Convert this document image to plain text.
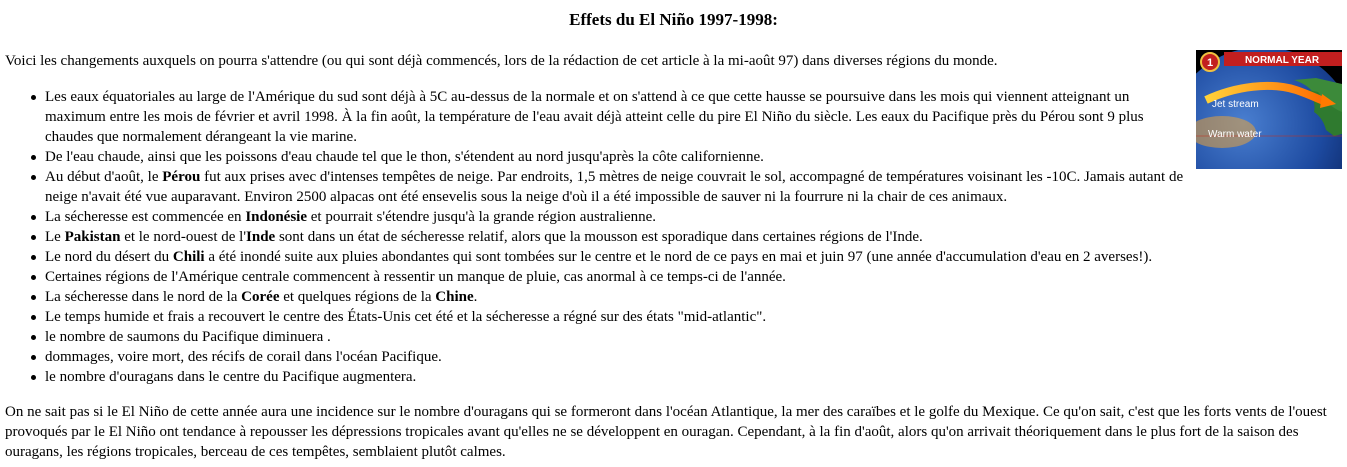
Effets du El Niño 1997-1998:

Voici les changements auxquels on pourra s'attendre (ou qui sont déjà commencés, lors de la rédaction de cet article à la mi-août 97) dans diverses régions du monde.	NORMAL YEAR
1
Jet stream
Warm water
Les eaux équatoriales au large de l'Amérique du sud sont déjà à 5C au-dessus de la normale et on s'attend à ce que cette hausse se poursuive dans les mois qui viennent atteignant un maximum entre les mois de février et avril 1998. À la fin août, la température de l'eau avait déjà atteint celle du pire El Niño du siècle. Les eaux du Pacifique près du Pérou sont 9 plus chaudes que normalement dérangeant la vie marine.
De l'eau chaude, ainsi que les poissons d'eau chaude tel que le thon, s'étendent au nord jusqu'après la côte californienne.
Au début d'août, le Pérou fut aux prises avec d'intenses tempêtes de neige. Par endroits, 1,5 mètres de neige couvrait le sol, accompagné de températures voisinant les -10C. Jamais autant de neige n'avait été vue auparavant. Environ 2500 alpacas ont été ensevelis sous la neige d'où il a été impossible de sauver ni la fourrure ni la chair de ces animaux.
La sécheresse est commencée en Indonésie et pourrait s'étendre jusqu'à la grande région australienne.
Le Pakistan et le nord-ouest de l'Inde sont dans un état de sécheresse relatif, alors que la mousson est sporadique dans certaines régions de l'Inde.
Le nord du désert du Chili a été inondé suite aux pluies abondantes qui sont tombées sur le centre et le nord de ce pays en mai et juin 97 (une année d'accumulation d'eau en 2 averses!).
Certaines régions de l'Amérique centrale commencent à ressentir un manque de pluie, cas anormal à ce temps-ci de l'année.
La sécheresse dans le nord de la Corée et quelques régions de la Chine.
Le temps humide et frais a recouvert le centre des États-Unis cet été et la sécheresse a régné sur des états "mid-atlantic".
le nombre de saumons du Pacifique diminuera .
dommages, voire mort, des récifs de corail dans l'océan Pacifique.
le nombre d'ouragans dans le centre du Pacifique augmentera.

On ne sait pas si le El Niño de cette année aura une incidence sur le nombre d'ouragans qui se formeront dans l'océan Atlantique, la mer des caraïbes et le golfe du Mexique. Ce qu'on sait, c'est que les forts vents de l'ouest provoqués par le El Niño ont tendance à repousser les dépressions tropicales avant qu'elles ne se développent en ouragan. Cependant, à la fin d'août, alors qu'on arrivait théoriquement dans le plus fort de la saison des ouragans, les régions tropicales, berceau de ces tempêtes, semblaient plutôt calmes.
